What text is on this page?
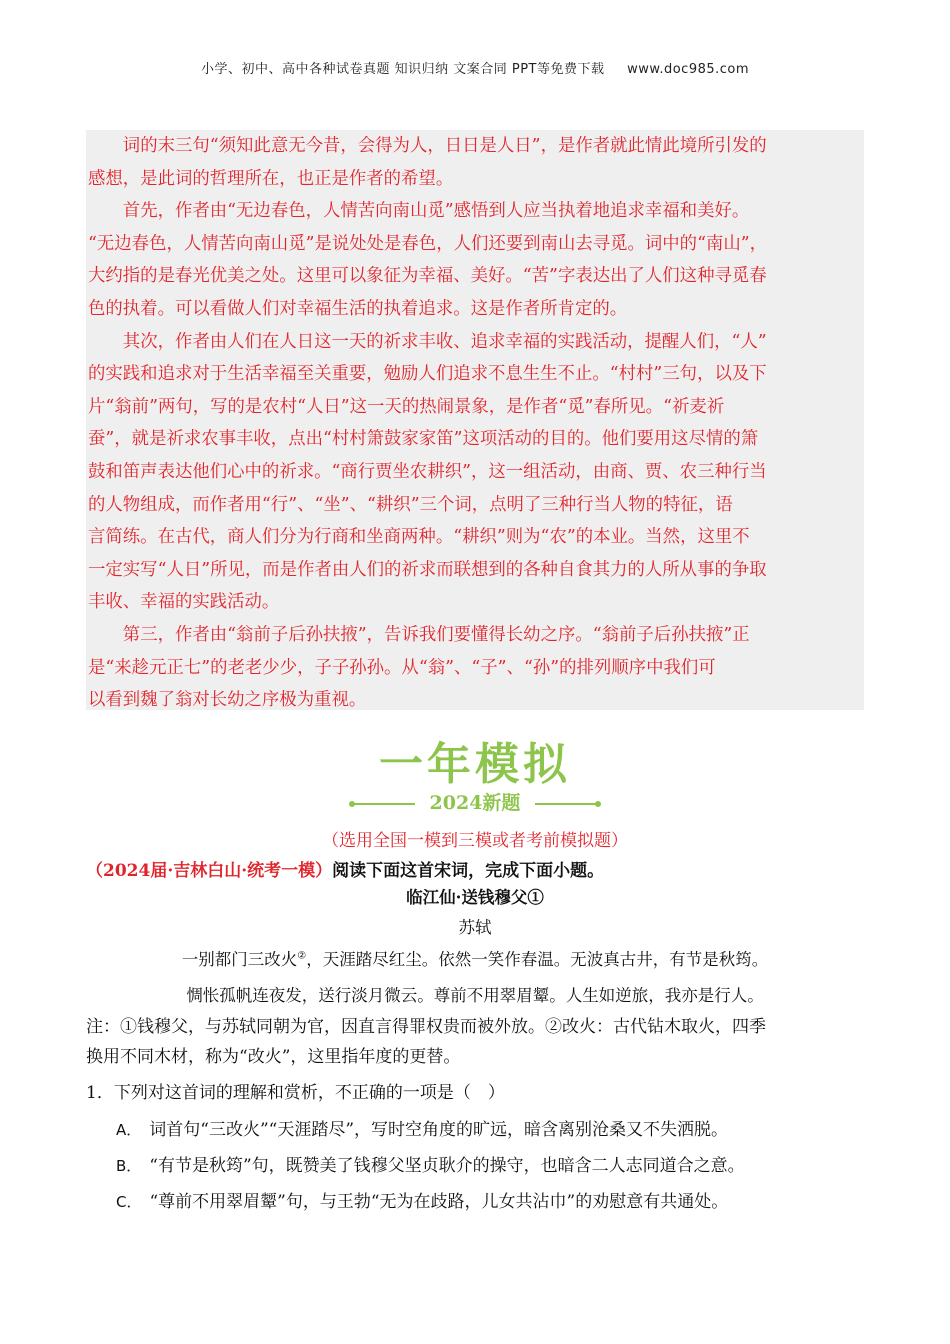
小学、初中、高中各种试卷真题 知识归纳 文案合同 PPT等免费下载 www.doc985.com

词的末三句“须知此意无今昔，会得为人，日日是人日”，是作者就此情此境所引发的

感想，是此词的哲理所在，也正是作者的希望。

首先，作者由“无边春色，人情苦向南山觅”感悟到人应当执着地追求幸福和美好。

“无边春色，人情苦向南山觅”是说处处是春色，人们还要到南山去寻觅。词中的“南山”，

大约指的是春光优美之处。这里可以象征为幸福、美好。“苦”字表达出了人们这种寻觅春

色的执着。可以看做人们对幸福生活的执着追求。这是作者所肯定的。

其次，作者由人们在人日这一天的祈求丰收、追求幸福的实践活动，提醒人们，“人”

的实践和追求对于生活幸福至关重要，勉励人们追求不息生生不止。“村村”三句，以及下

片“翁前”两句，写的是农村“人日”这一天的热闹景象，是作者“觅”春所见。“祈麦祈

蚕”，就是祈求农事丰收，点出“村村箫鼓家家笛”这项活动的目的。他们要用这尽情的箫

鼓和笛声表达他们心中的祈求。“商行贾坐农耕织”，这一组活动，由商、贾、农三种行当

的人物组成，而作者用“行”、“坐”、“耕织”三个词，点明了三种行当人物的特征，语

言简练。在古代，商人们分为行商和坐商两种。“耕织”则为“农”的本业。当然，这里不

一定实写“人日”所见，而是作者由人们的祈求而联想到的各种自食其力的人所从事的争取

丰收、幸福的实践活动。

第三，作者由“翁前子后孙扶掖”，告诉我们要懂得长幼之序。“翁前子后孙扶掖”正

是“来趁元正七”的老老少少，子子孙孙。从“翁”、“子”、“孙”的排列顺序中我们可

以看到魏了翁对长幼之序极为重视。

一年模拟
2024新题
（选用全国一模到三模或者考前模拟题）
（2024届·吉林白山·统考一模）阅读下面这首宋词，完成下面小题。
临江仙·送钱穆父①
苏轼
一别都门三改火②，天涯踏尽红尘。依然一笑作春温。无波真古井，有节是秋筠。
惆怅孤帆连夜发，送行淡月微云。尊前不用翠眉颦。人生如逆旅，我亦是行人。

注：①钱穆父，与苏轼同朝为官，因直言得罪权贵而被外放。②改火：古代钻木取火，四季

换用不同木材，称为“改火”，这里指年度的更替。

1．下列对这首词的理解和赏析，不正确的一项是（　）
A． 词首句“三改火”“天涯踏尽”，写时空角度的旷远，暗含离别沧桑又不失洒脱。
B． “有节是秋筠”句，既赞美了钱穆父坚贞耿介的操守，也暗含二人志同道合之意。
C． “尊前不用翠眉颦”句，与王勃“无为在歧路，儿女共沾巾”的劝慰意有共通处。
